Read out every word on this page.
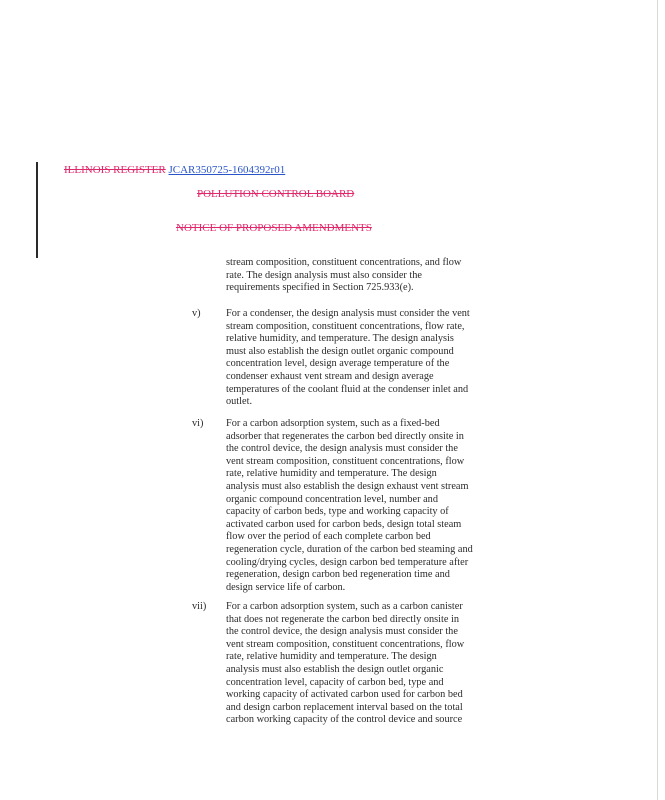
ILLINOIS REGISTER JCAR350725-1604392r01
POLLUTION CONTROL BOARD
NOTICE OF PROPOSED AMENDMENTS
stream composition, constituent concentrations, and flow
rate. The design analysis must also consider the
requirements specified in Section 725.933(e).
v)	For a condenser, the design analysis must consider the vent
stream composition, constituent concentrations, flow rate,
relative humidity, and temperature. The design analysis
must also establish the design outlet organic compound
concentration level, design average temperature of the
condenser exhaust vent stream and design average
temperatures of the coolant fluid at the condenser inlet and
outlet.
vi)	For a carbon adsorption system, such as a fixed-bed
adsorber that regenerates the carbon bed directly onsite in
the control device, the design analysis must consider the
vent stream composition, constituent concentrations, flow
rate, relative humidity and temperature. The design
analysis must also establish the design exhaust vent stream
organic compound concentration level, number and
capacity of carbon beds, type and working capacity of
activated carbon used for carbon beds, design total steam
flow over the period of each complete carbon bed
regeneration cycle, duration of the carbon bed steaming and
cooling/drying cycles, design carbon bed temperature after
regeneration, design carbon bed regeneration time and
design service life of carbon.
vii)	For a carbon adsorption system, such as a carbon canister
that does not regenerate the carbon bed directly onsite in
the control device, the design analysis must consider the
vent stream composition, constituent concentrations, flow
rate, relative humidity and temperature. The design
analysis must also establish the design outlet organic
concentration level, capacity of carbon bed, type and
working capacity of activated carbon used for carbon bed
and design carbon replacement interval based on the total
carbon working capacity of the control device and source
